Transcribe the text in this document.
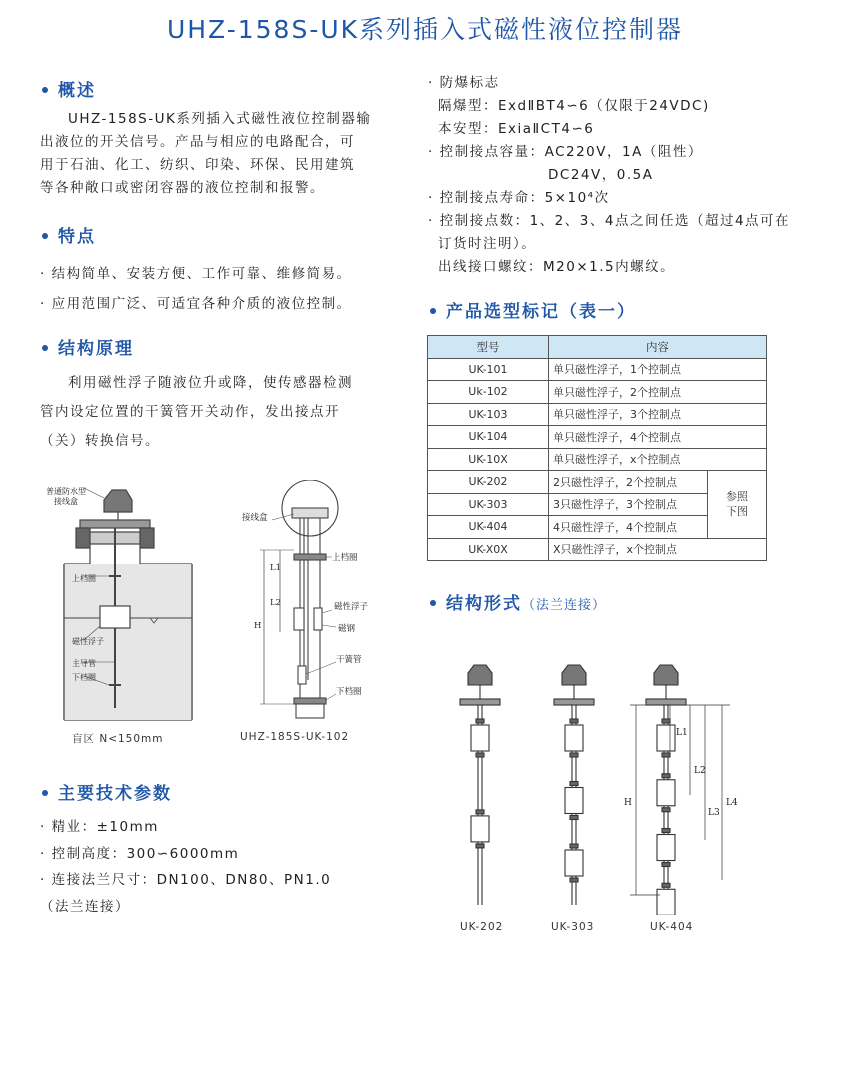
UHZ-158S-UK系列插入式磁性液位控制器
概述

UHZ-158S-UK系列插入式磁性液位控制器输

出液位的开关信号。产品与相应的电路配合，可

用于石油、化工、纺织、印染、环保、民用建筑

等各种敞口或密闭容器的液位控制和报警。

特点

· 结构简单、安装方便、工作可靠、维修简易。

· 应用范围广泛、可适宜各种介质的液位控制。

结构原理

利用磁性浮子随液位升或降，使传感器检测

管内设定位置的干簧管开关动作，发出接点开

（关）转换信号。

普通防水型
接线盒
上档圈
磁性浮子
主导管
下档圈
盲区 N<150mm
接线盒
上档圈
磁性浮子
磁钢
干簧管
下档圈
H
L1
L2
UHZ-185S-UK-102
主要技术参数

· 精业：±10mm

· 控制高度：300∽6000mm

· 连接法兰尺寸：DN100、DN80、PN1.0

（法兰连接）

· 防爆标志

隔爆型：ExdⅡBT4∽6（仅限于24VDC)

本安型：ExiaⅡCT4∽6

· 控制接点容量：AC220V，1A（阻性）

DC24V，0.5A

· 控制接点寿命：5×10⁴次

· 控制接点数：1、2、3、4点之间任选（超过4点可在

订货时注明）。

出线接口螺纹：M20×1.5内螺纹。

产品选型标记（表一）
型号	内容	
UK-101	单只磁性浮子，1个控制点	
Uk-102	单只磁性浮子，2个控制点	
UK-103	单只磁性浮子，3个控制点	
UK-104	单只磁性浮子，4个控制点	
UK-10X	单只磁性浮子，x个控制点	
UK-202	2只磁性浮子，2个控制点	参照
下图
UK-303	3只磁性浮子，3个控制点	
UK-404	4只磁性浮子，4个控制点	
UK-X0X	X只磁性浮子，x个控制点	
结构形式（法兰连接）
H
L1
L2
L3
L4
UK-202	UK-303	UK-404
